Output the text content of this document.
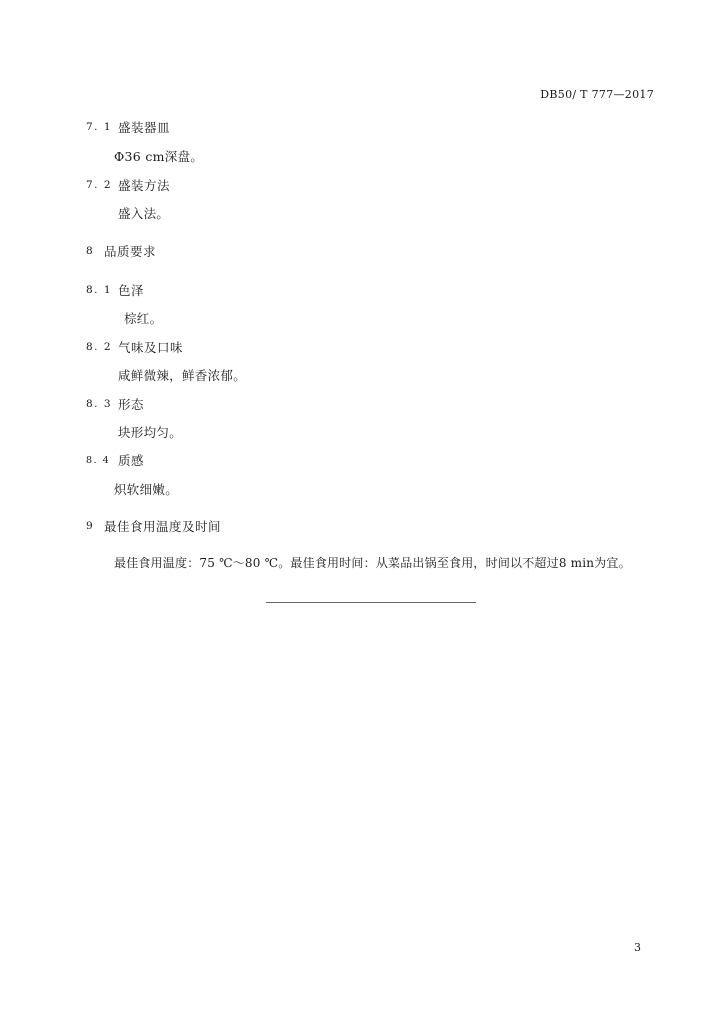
DB50/ T 777—2017
7. 1 盛装器皿
Φ36 cm深盘。
7. 2 盛装方法
盛入法。
8 品质要求
8. 1 色泽
棕红。
8. 2 气味及口味
咸鲜微辣，鲜香浓郁。
8. 3 形态
块形均匀。
8. 4 质感
炽软细嫩。
9 最佳食用温度及时间
最佳食用温度：75 ℃～80 ℃。最佳食用时间：从菜品出锅至食用，时间以不超过8 min为宜。
3
